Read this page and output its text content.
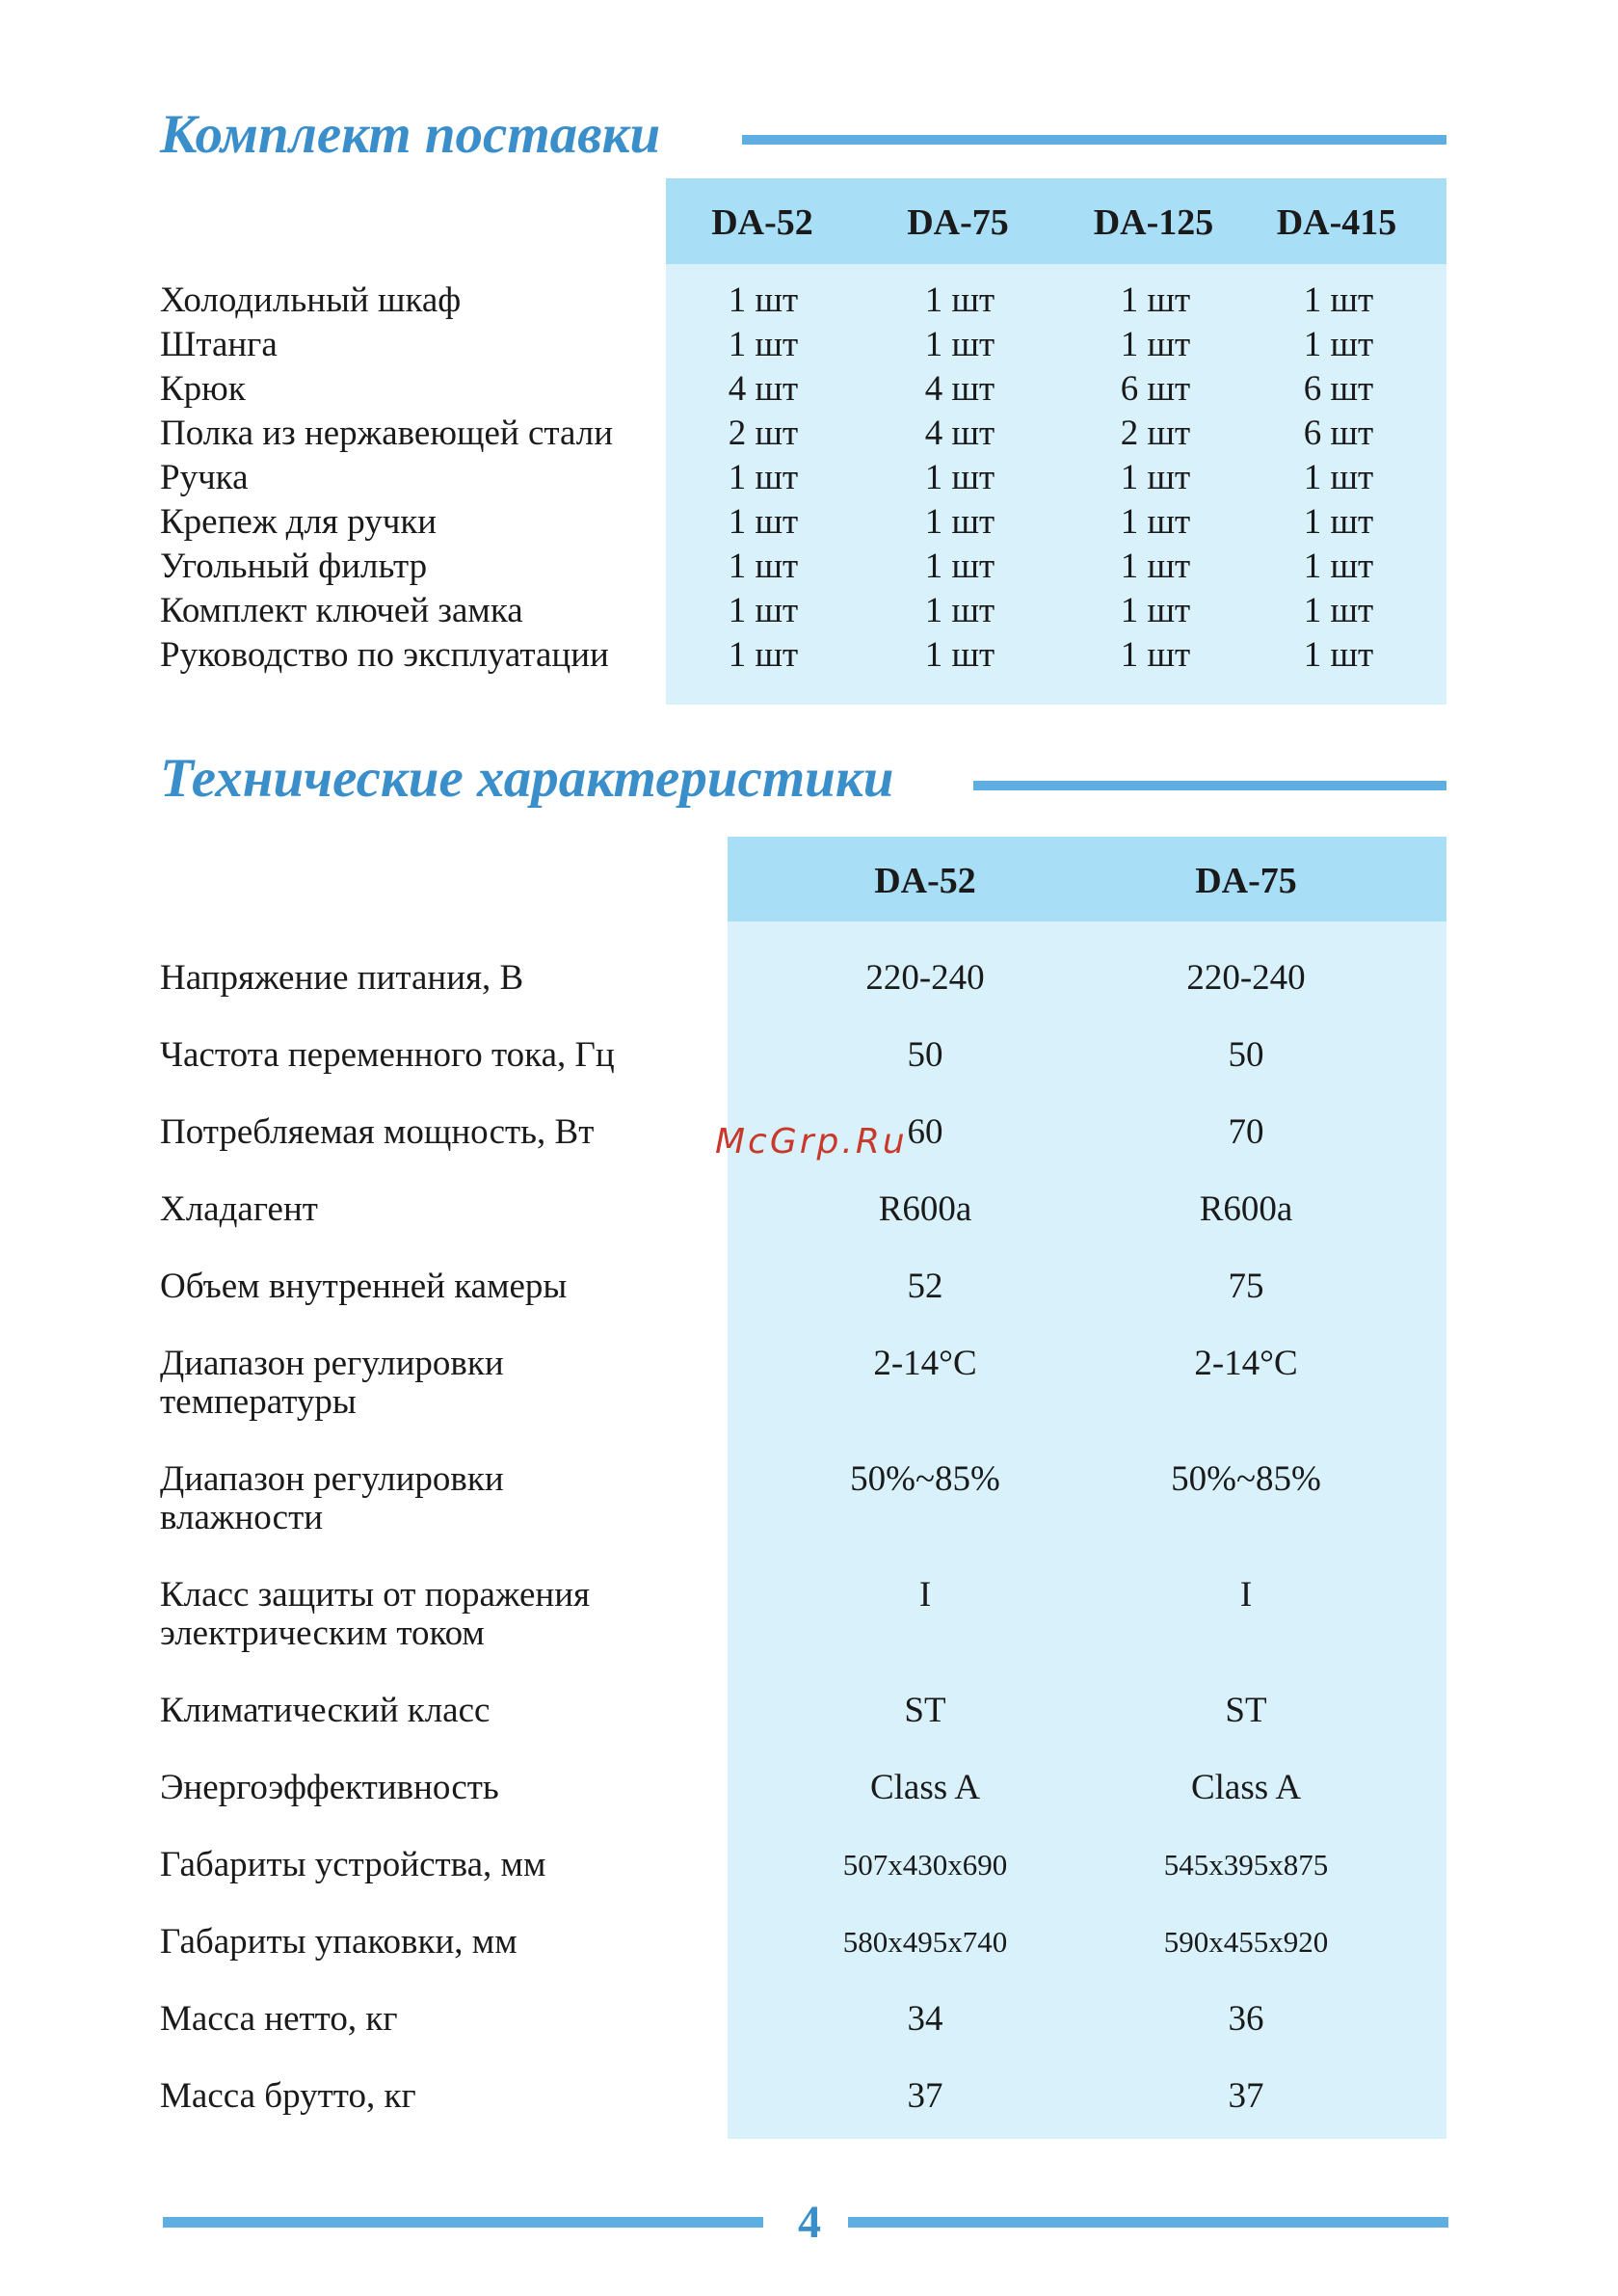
Комплект поставки
DA-52	DA-75	DA-125	DA-415
Холодильный шкаф	1 шт	1 шт	1 шт	1 шт
Штанга	1 шт	1 шт	1 шт	1 шт
Крюк	4 шт	4 шт	6 шт	6 шт
Полка из нержавеющей стали	2 шт	4 шт	2 шт	6 шт
Ручка	1 шт	1 шт	1 шт	1 шт
Крепеж для ручки	1 шт	1 шт	1 шт	1 шт
Угольный фильтр	1 шт	1 шт	1 шт	1 шт
Комплект ключей замка	1 шт	1 шт	1 шт	1 шт
Руководство по эксплуатации	1 шт	1 шт	1 шт	1 шт
Технические характеристики
DA-52	DA-75
Напряжение питания, В	220-240	220-240
Частота переменного тока, Гц	50	50
Потребляемая мощность, Вт	60	70
Хладагент	R600a	R600a
Объем внутренней камеры	52	75
Диапазон регулировки
температуры
2-14°C	2-14°C
Диапазон регулировки
влажности
50%~85%	50%~85%
Класс защиты от поражения
электрическим током
I	I
Климатический класс	ST	ST
Энергоэффективность	Class A	Class A
Габариты устройства, мм	507x430x690	545x395x875
Габариты упаковки, мм	580x495x740	590x455x920
Масса нетто, кг	34	36
Масса брутто, кг	37	37
McGrp.Ru
4
